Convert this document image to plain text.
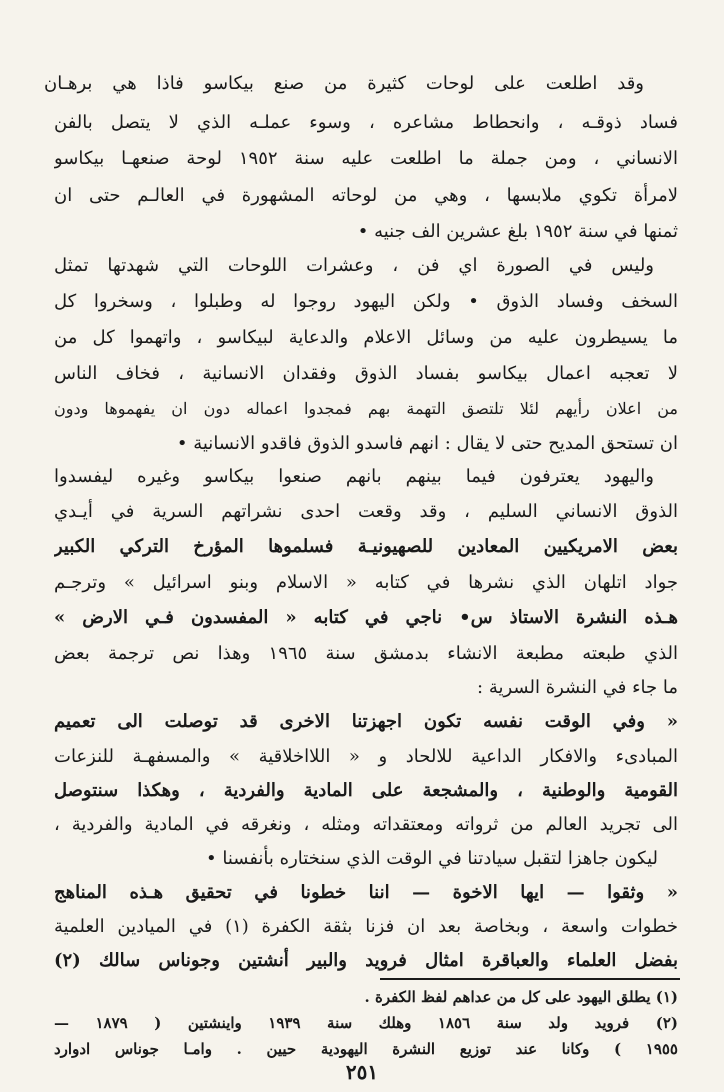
وقد اطلعت على لوحات كثيرة من صنع بيكاسو فاذا هي برهـان
فساد ذوقـه ، وانحطاط مشاعره ، وسوء عملـه الذي لا يتصل بالفن
الانساني ، ومن جملة ما اطلعت عليه سنة ١٩٥٢ لوحة صنعهـا بيكاسو
لامرأة تكوي ملابسها ، وهي من لوحاته المشهورة في العالـم حتى ان
ثمنها في سنة ١٩٥٢ بلغ عشرين الف جنيه •
وليس في الصورة اي فن ، وعشرات اللوحات التي شهدتها تمثل
السخف وفساد الذوق • ولكن اليهود روجوا له وطبلوا ، وسخروا كل
ما يسيطرون عليه من وسائل الاعلام والدعاية لبيكاسو ، واتهموا كل من
لا تعجبه اعمال بيكاسو بفساد الذوق وفقدان الانسانية ، فخاف الناس
من اعلان رأيهم لئلا تلتصق التهمة بهم فمجدوا اعماله دون ان يفهموها ودون
ان تستحق المديح حتى لا يقال : انهم فاسدو الذوق فاقدو الانسانية •
واليهود يعترفون فيما بينهم بانهم صنعوا بيكاسو وغيره ليفسدوا
الذوق الانساني السليم ، وقد وقعت احدى نشراتهم السرية في أيـدي
بعض الامريكيين المعادين للصهيونيـة فسلموها المؤرخ التركي الكبير
جواد اتلهان الذي نشرها في كتابه « الاسلام وبنو اسرائيل » وترجـم
هـذه النشرة الاستاذ س• ناجي في كتابه « المفسدون فـي الارض »
الذي طبعته مطبعة الانشاء بدمشق سنة ١٩٦٥ وهذا نص ترجمة بعض
ما جاء في النشرة السرية :
« وفي الوقت نفسه تكون اجهزتنا الاخرى قد توصلت الى تعميم
المبادىء والافكار الداعية للالحاد و « اللااخلاقية » والمسفهـة للنزعات
القومية والوطنية ، والمشجعة على المادية والفردية ، وهكذا سنتوصل
الى تجريد العالم من ثرواته ومعتقداته ومثله ، ونغرقه في المادية والفردية ،
ليكون جاهزا لتقبل سيادتنا في الوقت الذي سنختاره بأنفسنا •
« وثقوا — ايها الاخوة — اننا خطونا في تحقيق هـذه المناهج
خطوات واسعة ، وبخاصة بعد ان فزنا بثقة الكفرة (١) في الميادين العلمية
بفضل العلماء والعباقرة امثال فرويد والبير أنشتين وجوناس سالك (٢)
(١) يطلق اليهود على كل من عداهم لفظ الكفرة .
(٢) فرويد ولد سنة ١٨٥٦ وهلك سنة ١٩٣٩ واينشتين ( ١٨٧٩ —
١٩٥٥ ) وكانا عند توزيع النشرة اليهودية حيين . وامـا جوناس ادوارد
٢٥١
